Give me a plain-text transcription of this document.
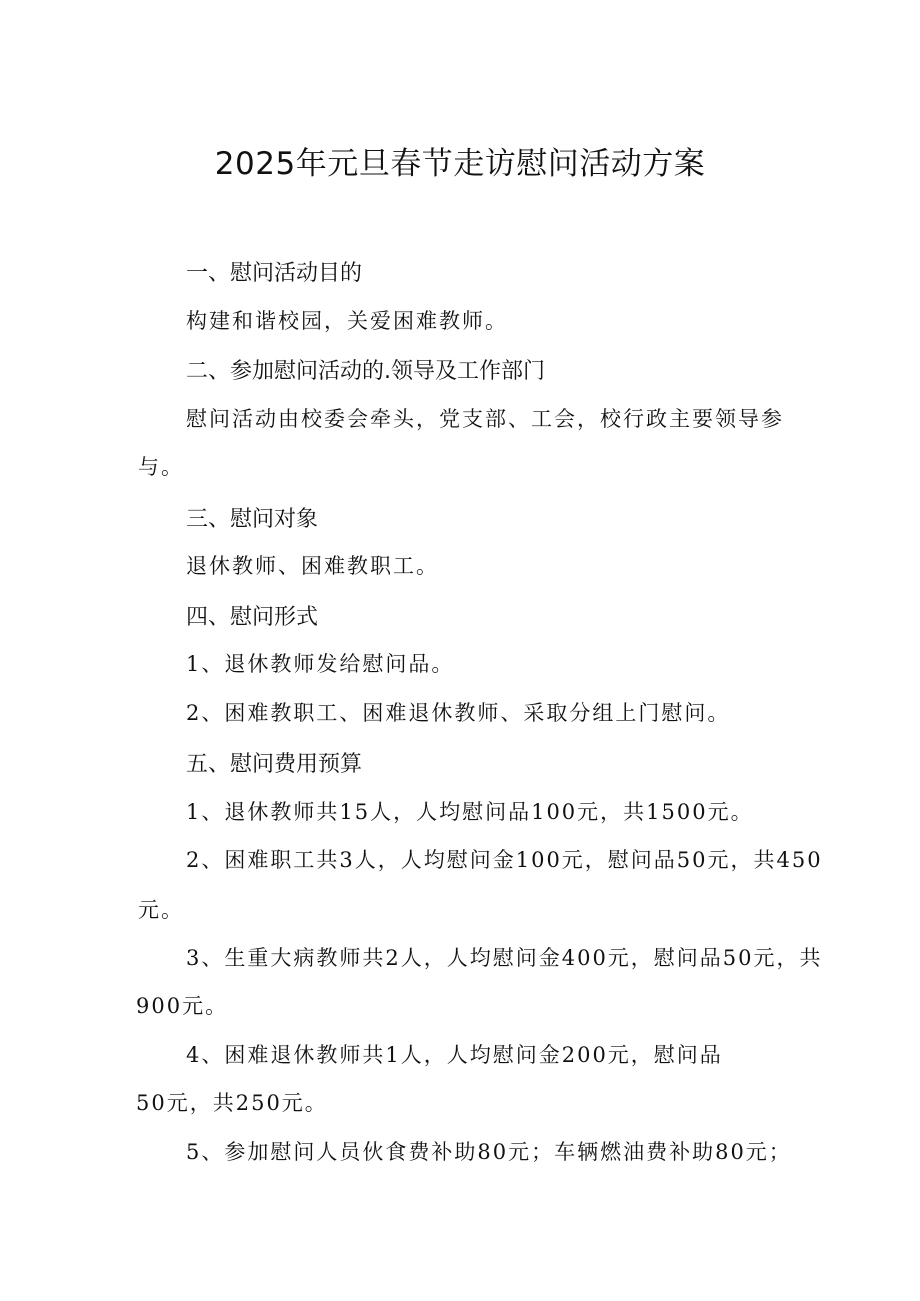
2025年元旦春节走访慰问活动方案
一、慰问活动目的
构建和谐校园，关爱困难教师。
二、参加慰问活动的.领导及工作部门
慰问活动由校委会牵头，党支部、工会，校行政主要领导参
与。
三、慰问对象
退休教师、困难教职工。
四、慰问形式
1、退休教师发给慰问品。
2、困难教职工、困难退休教师、采取分组上门慰问。
五、慰问费用预算
1、退休教师共15人，人均慰问品100元，共1500元。
2、困难职工共3人，人均慰问金100元，慰问品50元，共450
元。
3、生重大病教师共2人，人均慰问金400元，慰问品50元，共
900元。
4、困难退休教师共1人，人均慰问金200元，慰问品
50元，共250元。
5、参加慰问人员伙食费补助80元；车辆燃油费补助80元；
